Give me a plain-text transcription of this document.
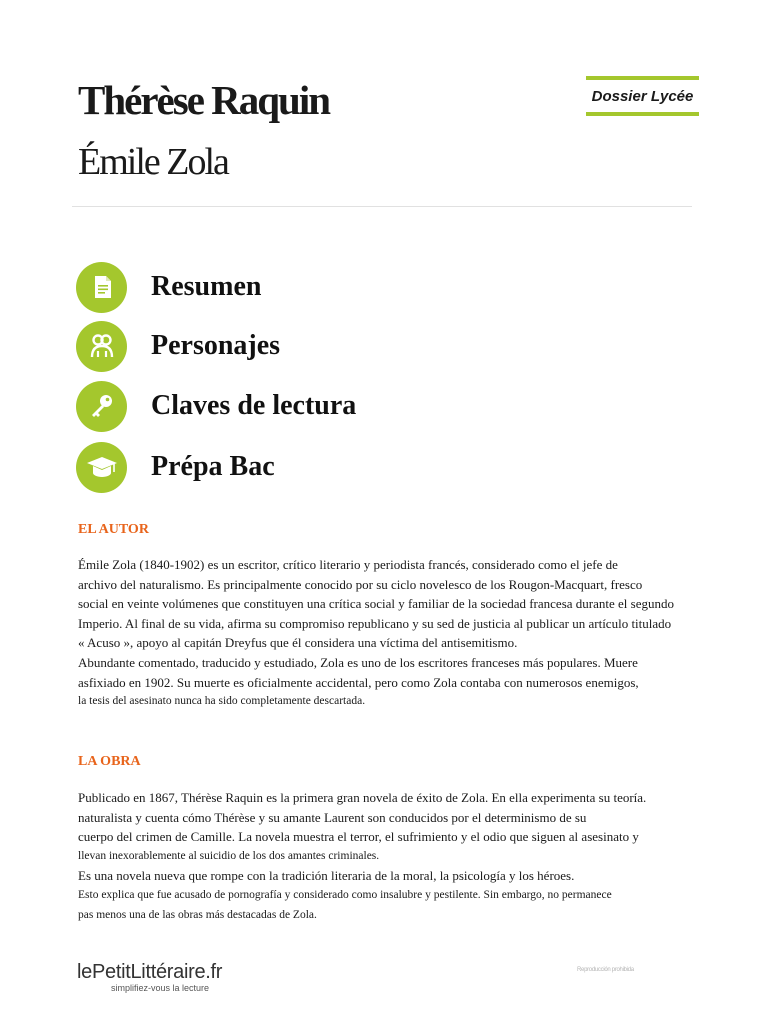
Thérèse Raquin
Émile Zola
Dossier Lycée
Resumen
Personajes
Claves de lectura
Prépa Bac
EL AUTOR
Émile Zola (1840-1902) es un escritor, crítico literario y periodista francés, considerado como el jefe de
archivo del naturalismo. Es principalmente conocido por su ciclo novelesco de los Rougon-Macquart, fresco
social en veinte volúmenes que constituyen una crítica social y familiar de la sociedad francesa durante el segundo
Imperio. Al final de su vida, afirma su compromiso republicano y su sed de justicia al publicar un artículo titulado
« Acuso », apoyo al capitán Dreyfus que él considera una víctima del antisemitismo.
Abundante comentado, traducido y estudiado, Zola es uno de los escritores franceses más populares. Muere
asfixiado en 1902. Su muerte es oficialmente accidental, pero como Zola contaba con numerosos enemigos,
la tesis del asesinato nunca ha sido completamente descartada.
LA OBRA
Publicado en 1867, Thérèse Raquin es la primera gran novela de éxito de Zola. En ella experimenta su teoría.
naturalista y cuenta cómo Thérèse y su amante Laurent son conducidos por el determinismo de su
cuerpo del crimen de Camille. La novela muestra el terror, el sufrimiento y el odio que siguen al asesinato y
llevan inexorablemente al suicidio de los dos amantes criminales.
Es una novela nueva que rompe con la tradición literaria de la moral, la psicología y los héroes.
Esto explica que fue acusado de pornografía y considerado como insalubre y pestilente. Sin embargo, no permanece
pas menos una de las obras más destacadas de Zola.
lePetitLittéraire.fr
simplifiez-vous la lecture
Reproducción prohibida
